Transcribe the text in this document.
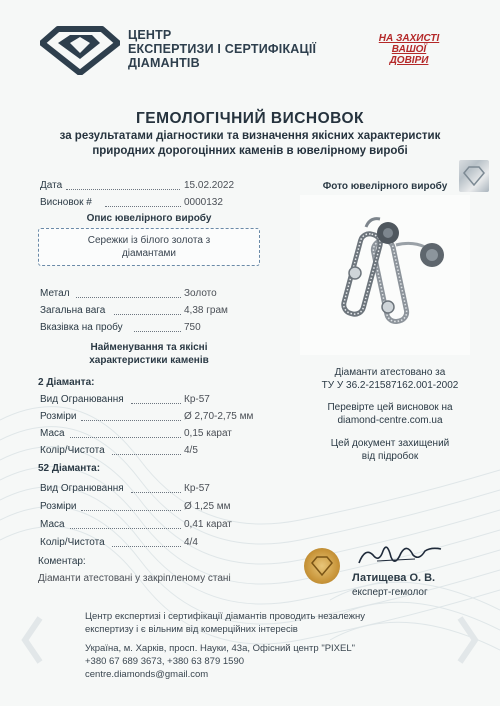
ЦЕНТР
ЕКСПЕРТИЗИ І СЕРТИФІКАЦІЇ
ДІАМАНТІВ
НА ЗАХИСТІ
ВАШОЇ
ДОВІРИ
ГЕМОЛОГІЧНИЙ ВИСНОВОК
за результатами діагностики та визначення якісних характеристик
природних дорогоцінних каменів в ювелірному виробі
Дата	15.02.2022
Висновок #	0000132
Опис ювелірного виробу
Сережки із білого золота з
діамантами
Метал	Золото
Загальна вага	4,38 грам
Вказівка на пробу	750
Найменування та якісні
характеристики каменів
2 Діаманта:
Вид Огранювання	Кр-57
Розміри	Ø 2,70-2,75 мм
Маса	0,15 карат
Колір/Чистота	4/5
52 Діаманта:
Вид Огранювання	Кр-57
Розміри	Ø 1,25 мм
Маса	0,41 карат
Колір/Чистота	4/4
Коментар:
Діаманти атестовані у закріпленому стані
Фото ювелірного виробу
Діаманти атестовано за
ТУ У 36.2-21587162.001-2002
Перевірте цей висновок на
diamond-centre.com.ua
Цей документ захищений
від підробок
Латищева О. В.
експерт-гемолог
Центр експертизі і сертифікації діамантів проводить незалежну
експертизу і є вільним від комерційних інтересів
Україна, м. Харків, просп. Науки, 43а, Офісний центр "PIXEL"
+380 67 689 3673, +380 63 879 1590
centre.diamonds@gmail.com
